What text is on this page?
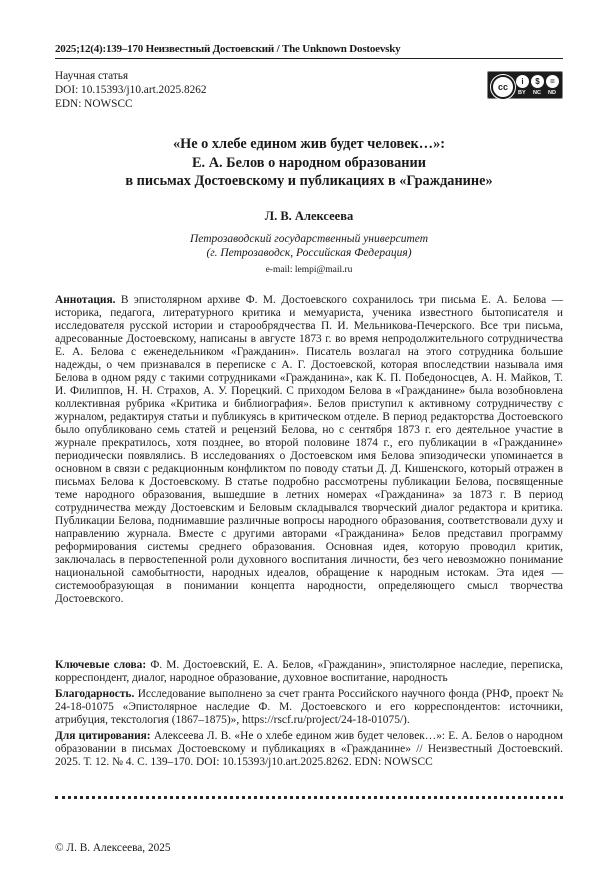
2025;12(4):139–170 Неизвестный Достоевский / The Unknown Dostoevsky
Научная статья
DOI: 10.15393/j10.art.2025.8262
EDN: NOWSCC
cc
i	$	=
BY NC ND
«Не о хлебе едином жив будет человек…»:
Е. А. Белов о народном образовании
в письмах Достоевскому и публикациях в «Гражданине»
Л. В. Алексеева
Петрозаводский государственный университет
(г. Петрозаводск, Российская Федерация)
e-mail: lempi@mail.ru
Аннотация. В эпистолярном архиве Ф. М. Достоевского сохранилось три письма Е. А. Белова — историка, педагога, литературного критика и мемуариста, ученика известного бытописателя и исследователя русской истории и старообрядчества П. И. Мельникова-Печерского. Все три письма, адресованные Достоевскому, написаны в августе 1873 г. во время непродолжительного сотрудничества Е. А. Белова с еженедельником «Гражданин». Писатель возлагал на этого сотрудника большие надежды, о чем признавался в переписке с А. Г. Достоевской, которая впоследствии называла имя Белова в одном ряду с такими сотрудниками «Гражданина», как К. П. Победоносцев, А. Н. Майков, Т. И. Филиппов, Н. Н. Страхов, А. У. Порецкий. С приходом Белова в «Гражданине» была возобновлена коллективная рубрика «Критика и библиография». Белов приступил к активному сотрудничеству с журналом, редактируя статьи и публикуясь в критическом отделе. В период редакторства Достоевского было опубликовано семь статей и рецензий Белова, но с сентября 1873 г. его деятельное участие в журнале прекратилось, хотя позднее, во второй половине 1874 г., его публикации в «Гражданине» периодически появлялись. В исследованиях о Достоевском имя Белова эпизодически упоминается в основном в связи с редакционным конфликтом по поводу статьи Д. Д. Кишенского, который отражен в письмах Белова к Достоевскому. В статье подробно рассмотрены публикации Белова, посвященные теме народного образования, вышедшие в летних номерах «Гражданина» за 1873 г. В период сотрудничества между Достоевским и Беловым складывался творческий диалог редактора и критика. Публикации Белова, поднимавшие различные вопросы народного образования, соответствовали духу и направлению журнала. Вместе с другими авторами «Гражданина» Белов представил программу реформирования системы среднего образования. Основная идея, которую проводил критик, заключалась в первостепенной роли духовного воспитания личности, без чего невозможно понимание национальной самобытности, народных идеалов, обращение к народным истокам. Эта идея — системообразующая в понимании концепта народности, определяющего смысл творчества Достоевского.
Ключевые слова: Ф. М. Достоевский, Е. А. Белов, «Гражданин», эпистолярное наследие, переписка, корреспондент, диалог, народное образование, духовное воспитание, народность
Благодарность. Исследование выполнено за счет гранта Российского научного фонда (РНФ, проект № 24-18-01075 «Эпистолярное наследие Ф. М. Достоевского и его корреспондентов: источники, атрибуция, текстология (1867–1875)», https://rscf.ru/project/24-18-01075/).
Для цитирования: Алексеева Л. В. «Не о хлебе едином жив будет человек…»: Е. А. Белов о народном образовании в письмах Достоевскому и публикациях в «Гражданине» // Неизвестный Достоевский. 2025. Т. 12. № 4. С. 139–170. DOI: 10.15393/j10.art.2025.8262. EDN: NOWSCC
© Л. В. Алексеева, 2025
